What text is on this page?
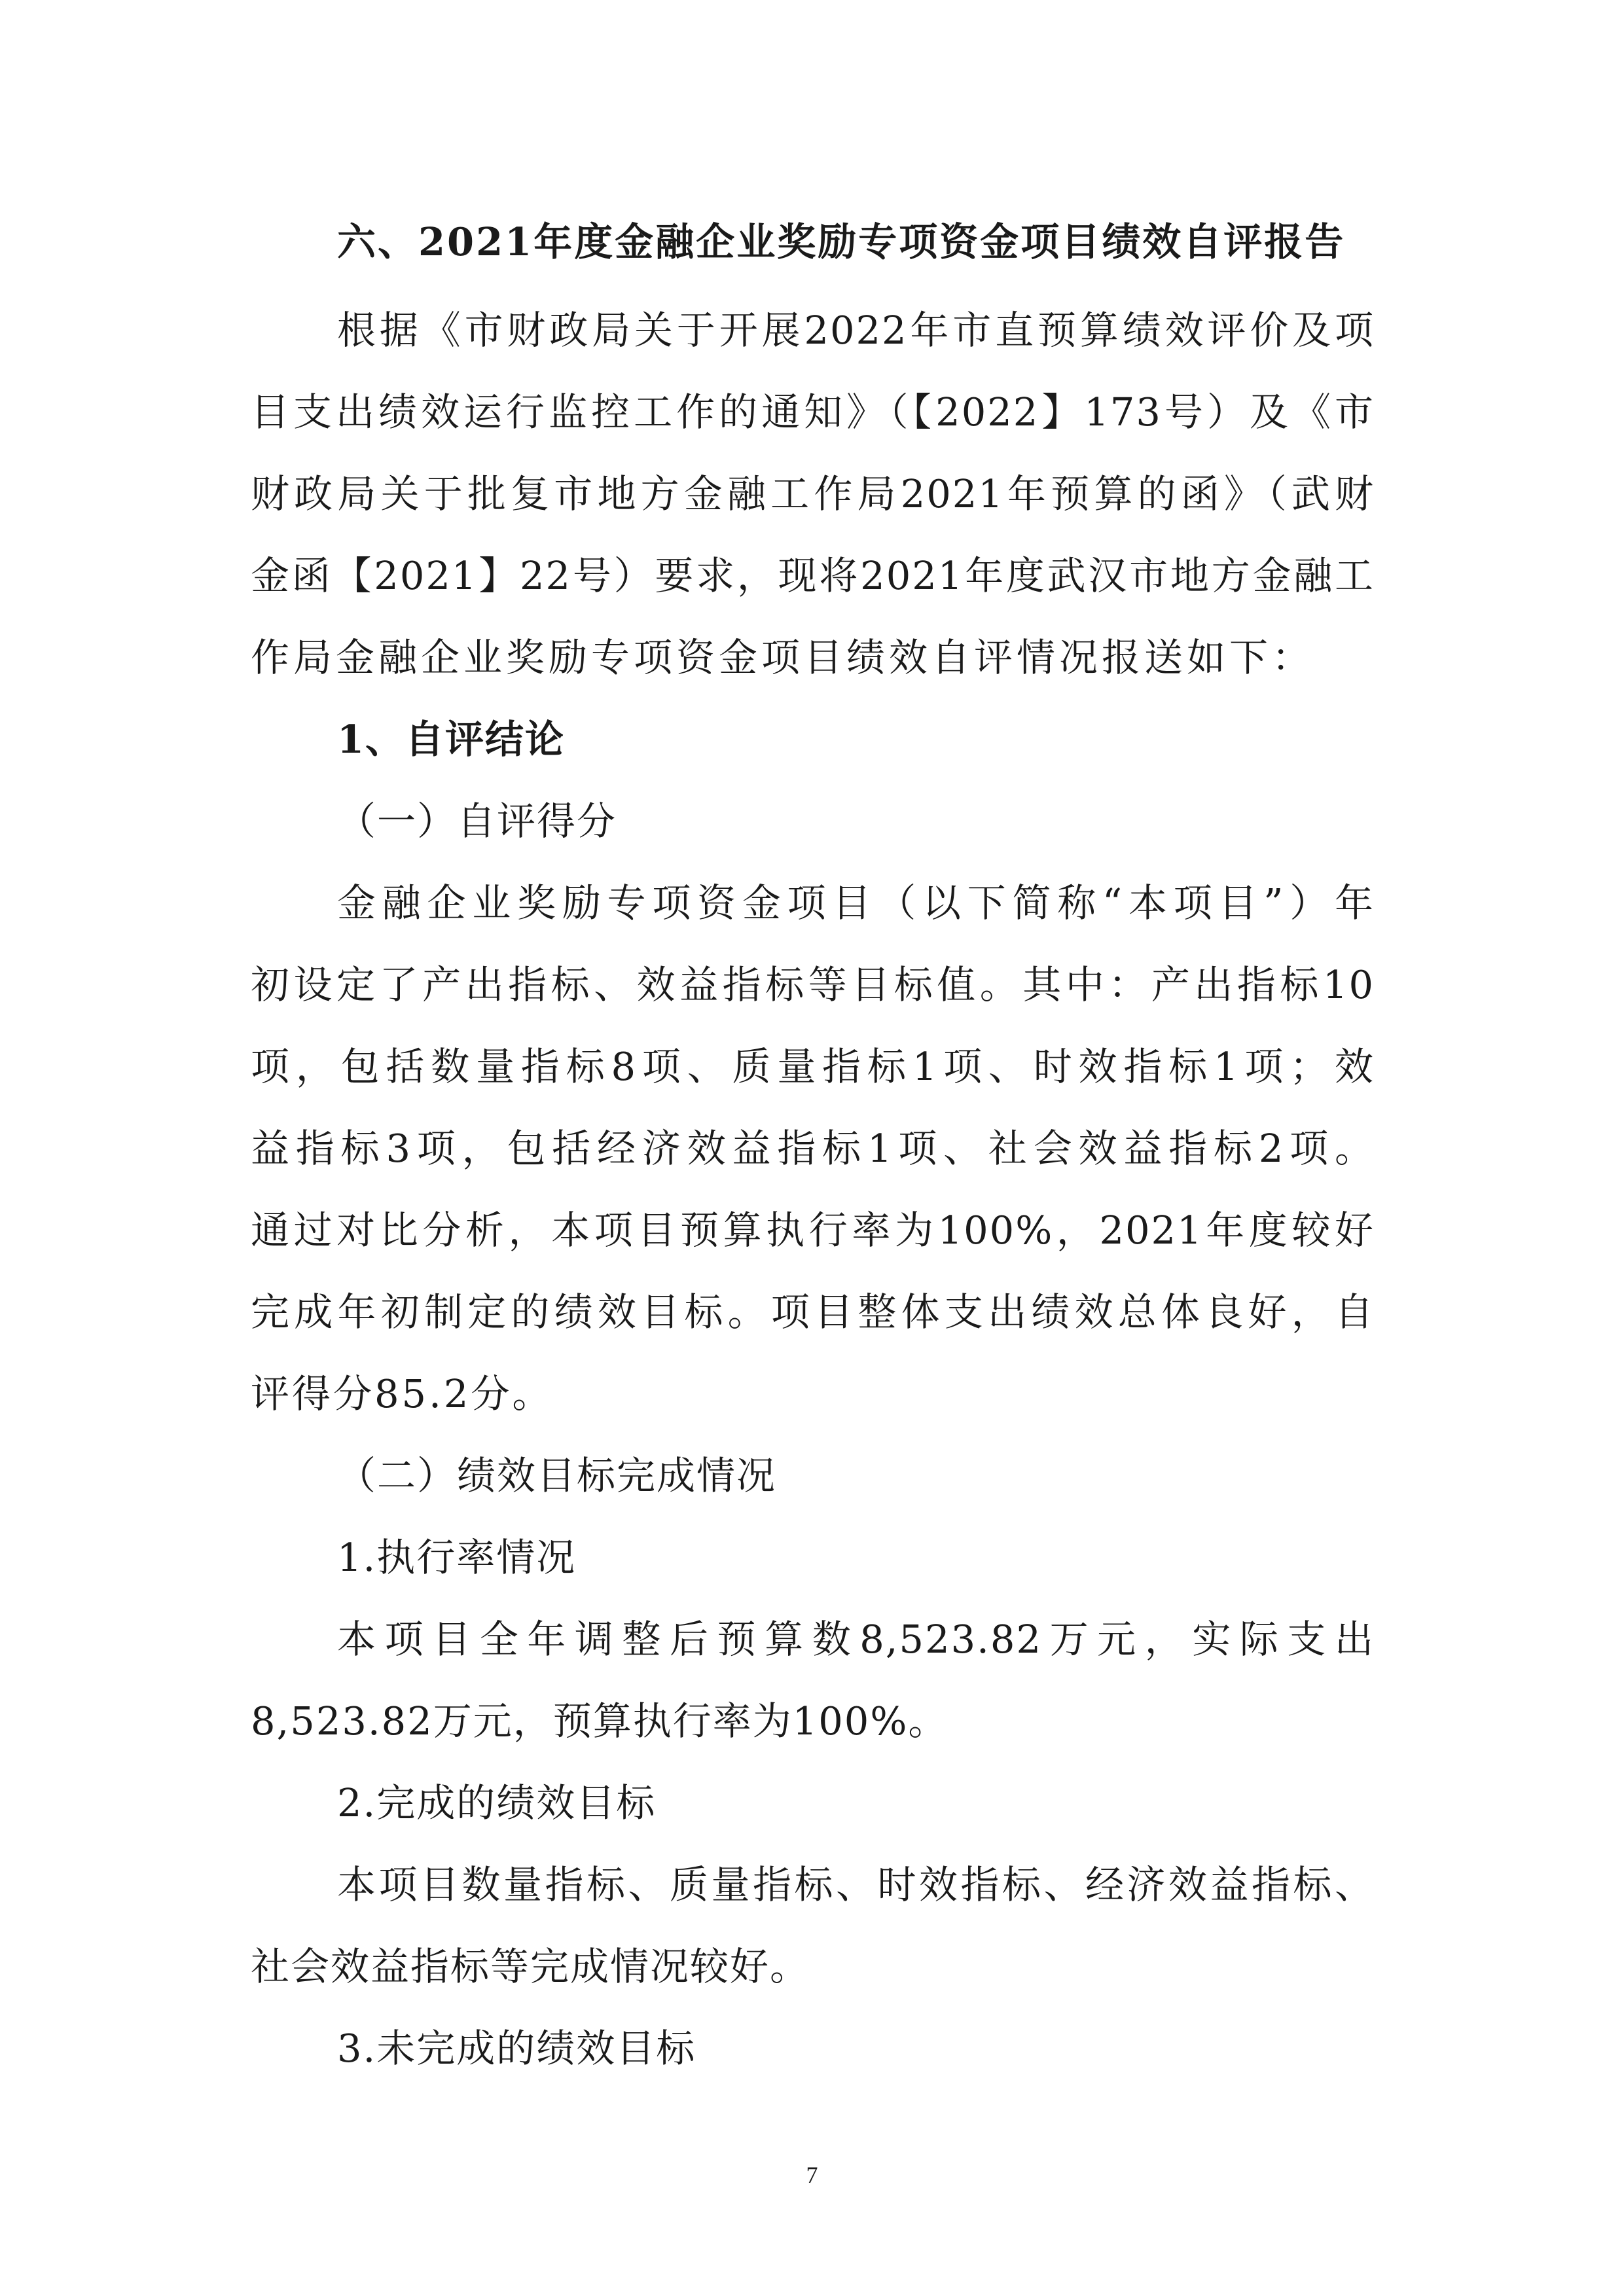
六、2021年度金融企业奖励专项资金项目绩效自评报告
根据《市财政局关于开展2022年市直预算绩效评价及项
目支出绩效运行监控工作的通知》（【2022】173号）及《市
财政局关于批复市地方金融工作局2021年预算的函》（武财
金函【2021】22号）要求，现将2021年度武汉市地方金融工
作局金融企业奖励专项资金项目绩效自评情况报送如下：
1、自评结论
（一）自评得分
金融企业奖励专项资金项目（以下简称“本项目”）年
初设定了产出指标、效益指标等目标值。其中：产出指标10
项，包括数量指标8项、质量指标1项、时效指标1项；效
益指标3项，包括经济效益指标1项、社会效益指标2项。
通过对比分析，本项目预算执行率为100%，2021年度较好
完成年初制定的绩效目标。项目整体支出绩效总体良好，自
评得分85.2分。
（二）绩效目标完成情况
1.执行率情况
本项目全年调整后预算数8,523.82万元，实际支出
8,523.82万元，预算执行率为100%。
2.完成的绩效目标
本项目数量指标、质量指标、时效指标、经济效益指标、
社会效益指标等完成情况较好。
3.未完成的绩效目标
7
